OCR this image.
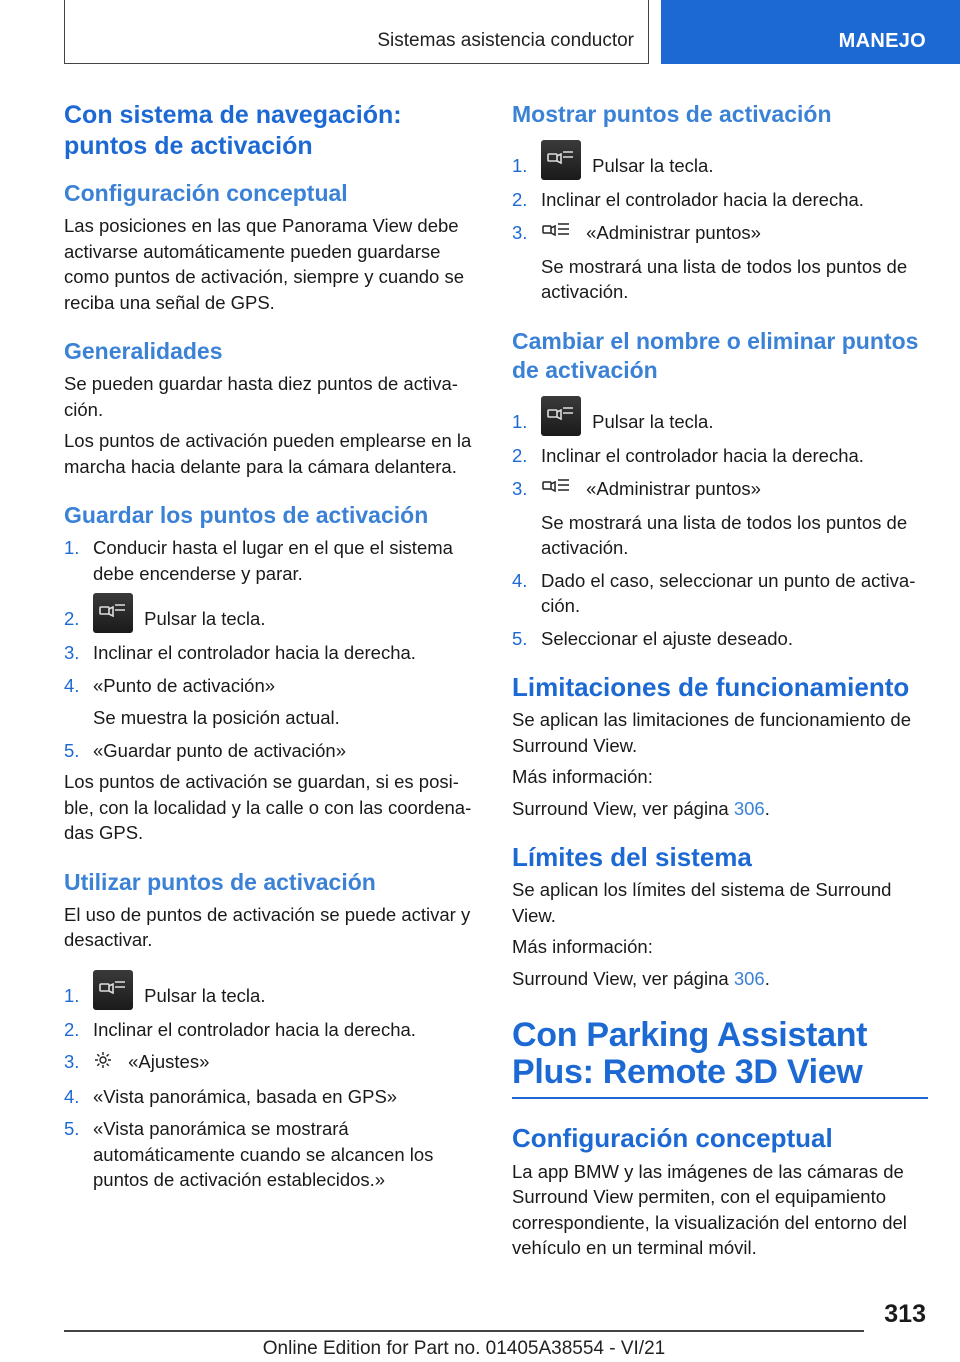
Sistemas asistencia conductor	MANEJO
Con sistema de navegación: puntos de activación
Configuración conceptual

Las posiciones en las que Panorama View debe activarse automáticamente pueden guardarse como puntos de activación, siempre y cuando se reciba una señal de GPS.

Generalidades

Se pueden guardar hasta diez puntos de activación.

Los puntos de activación pueden emplearse en la marcha hacia delante para la cámara delantera.

Guardar los puntos de activación
1. Conducir hasta el lugar en el que el sistema debe encenderse y parar.
2.	Pulsar la tecla.
3. Inclinar el controlador hacia la derecha.
4. «Punto de activación»
Se muestra la posición actual.
5. «Guardar punto de activación»

Los puntos de activación se guardan, si es posible, con la localidad y la calle o con las coordenadas GPS.

Utilizar puntos de activación

El uso de puntos de activación se puede activar y desactivar.

1.	Pulsar la tecla.
2. Inclinar el controlador hacia la derecha.
3.	«Ajustes»
4. «Vista panorámica, basada en GPS»
5. «Vista panorámica se mostrará automáticamente cuando se alcancen los puntos de activación establecidos.»
Mostrar puntos de activación
1.	Pulsar la tecla.
2. Inclinar el controlador hacia la derecha.
3.	«Administrar puntos»
Se mostrará una lista de todos los puntos de activación.
Cambiar el nombre o eliminar puntos de activación
1.	Pulsar la tecla.
2. Inclinar el controlador hacia la derecha.
3.	«Administrar puntos»
Se mostrará una lista de todos los puntos de activación.
4. Dado el caso, seleccionar un punto de activación.
5. Seleccionar el ajuste deseado.
Limitaciones de funcionamiento

Se aplican las limitaciones de funcionamiento de Surround View.

Más información:

Surround View, ver página 306.

Límites del sistema

Se aplican los límites del sistema de Surround View.

Más información:

Surround View, ver página 306.

Con Parking Assistant
Plus: Remote 3D View
Configuración conceptual

La app BMW y las imágenes de las cámaras de Surround View permiten, con el equipamiento correspondiente, la visualización del entorno del vehículo en un terminal móvil.

313
Online Edition for Part no. 01405A38554 - VI/21
